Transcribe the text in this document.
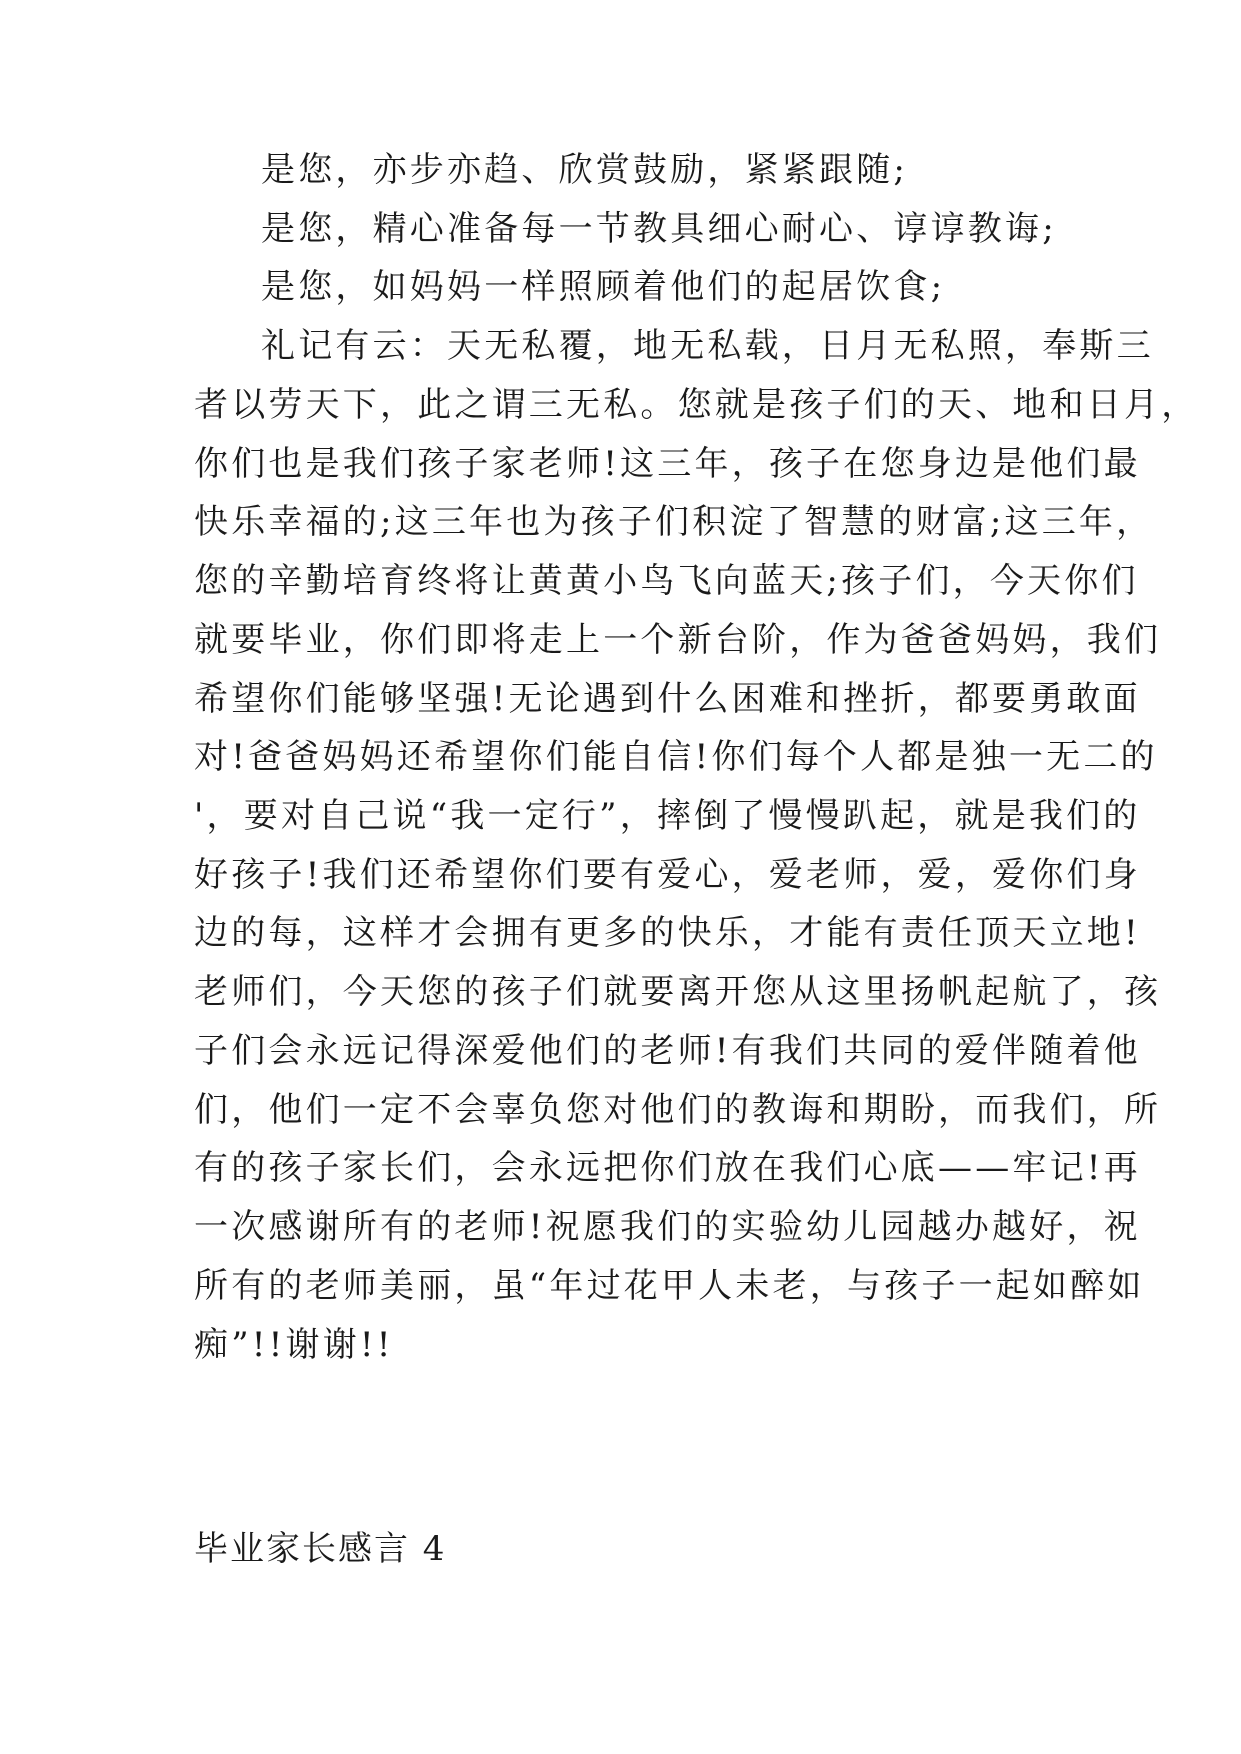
是您，亦步亦趋、欣赏鼓励，紧紧跟随;
是您，精心准备每一节教具细心耐心、谆谆教诲;
是您，如妈妈一样照顾着他们的起居饮食;
礼记有云：天无私覆，地无私载，日月无私照，奉斯三
者以劳天下，此之谓三无私。您就是孩子们的天、地和日月，
你们也是我们孩子家老师!这三年，孩子在您身边是他们最
快乐幸福的;这三年也为孩子们积淀了智慧的财富;这三年，
您的辛勤培育终将让黄黄小鸟飞向蓝天;孩子们，今天你们
就要毕业，你们即将走上一个新台阶，作为爸爸妈妈，我们
希望你们能够坚强!无论遇到什么困难和挫折，都要勇敢面
对!爸爸妈妈还希望你们能自信!你们每个人都是独一无二的
'，要对自己说“我一定行”，摔倒了慢慢趴起，就是我们的
好孩子!我们还希望你们要有爱心，爱老师，爱，爱你们身
边的每，这样才会拥有更多的快乐，才能有责任顶天立地!
老师们，今天您的孩子们就要离开您从这里扬帆起航了，孩
子们会永远记得深爱他们的老师!有我们共同的爱伴随着他
们，他们一定不会辜负您对他们的教诲和期盼，而我们，所
有的孩子家长们，会永远把你们放在我们心底——牢记!再
一次感谢所有的老师!祝愿我们的实验幼儿园越办越好，祝
所有的老师美丽，虽“年过花甲人未老，与孩子一起如醉如
痴”!!谢谢!!
毕业家长感言 4
